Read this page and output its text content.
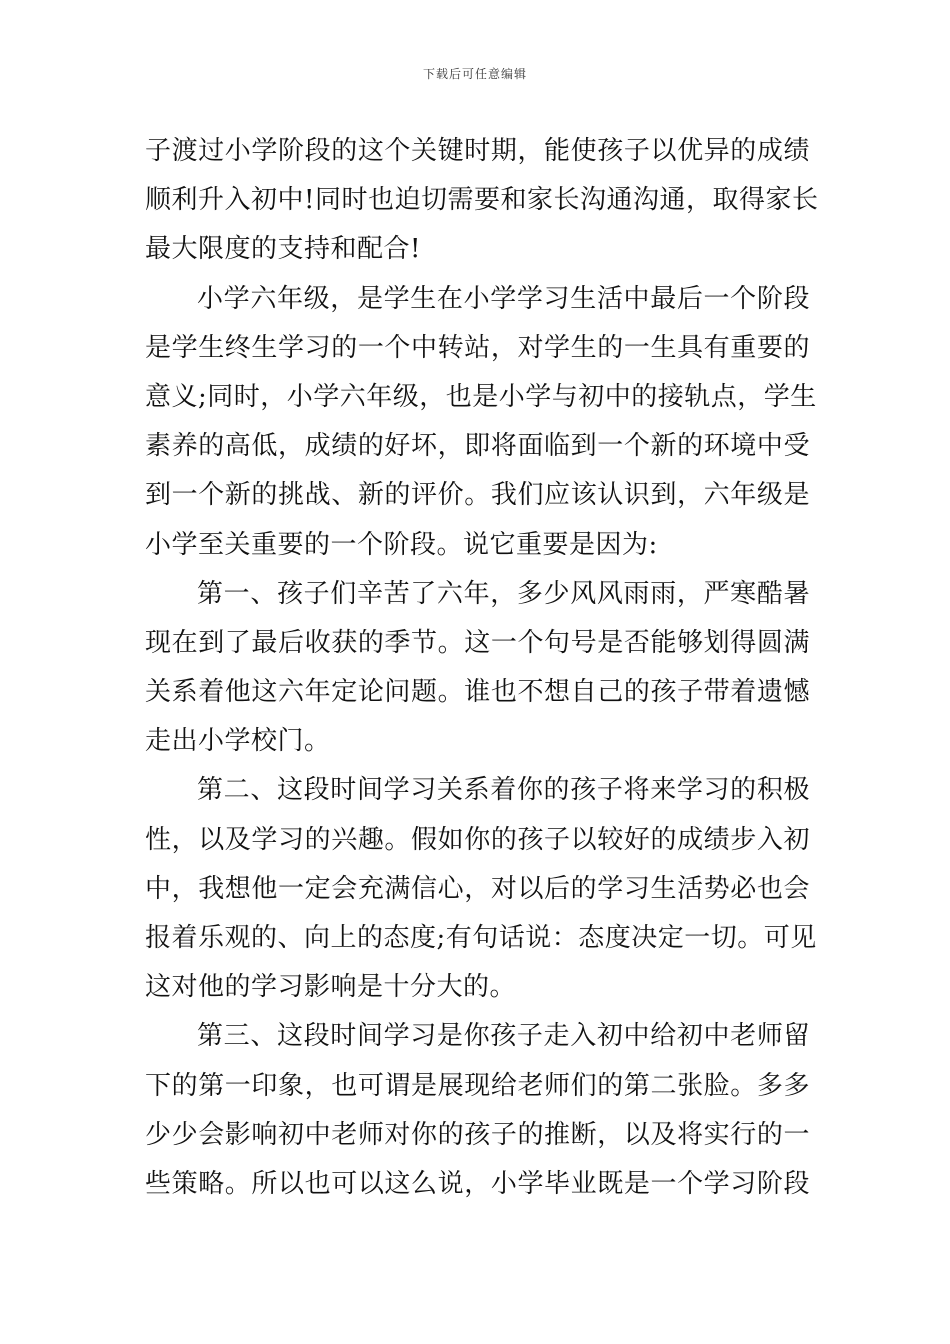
下载后可任意编辑
子渡过小学阶段的这个关键时期，能使孩子以优异的成绩
顺利升入初中!同时也迫切需要和家长沟通沟通，取得家长
最大限度的支持和配合!
小学六年级，是学生在小学学习生活中最后一个阶段
是学生终生学习的一个中转站，对学生的一生具有重要的
意义;同时，小学六年级，也是小学与初中的接轨点，学生
素养的高低，成绩的好坏，即将面临到一个新的环境中受
到一个新的挑战、新的评价。我们应该认识到，六年级是
小学至关重要的一个阶段。说它重要是因为:
第一、孩子们辛苦了六年，多少风风雨雨，严寒酷暑
现在到了最后收获的季节。这一个句号是否能够划得圆满
关系着他这六年定论问题。谁也不想自己的孩子带着遗憾
走出小学校门。
第二、这段时间学习关系着你的孩子将来学习的积极
性，以及学习的兴趣。假如你的孩子以较好的成绩步入初
中，我想他一定会充满信心，对以后的学习生活势必也会
报着乐观的、向上的态度;有句话说：态度决定一切。可见
这对他的学习影响是十分大的。
第三、这段时间学习是你孩子走入初中给初中老师留
下的第一印象，也可谓是展现给老师们的第二张脸。多多
少少会影响初中老师对你的孩子的推断，以及将实行的一
些策略。所以也可以这么说，小学毕业既是一个学习阶段
